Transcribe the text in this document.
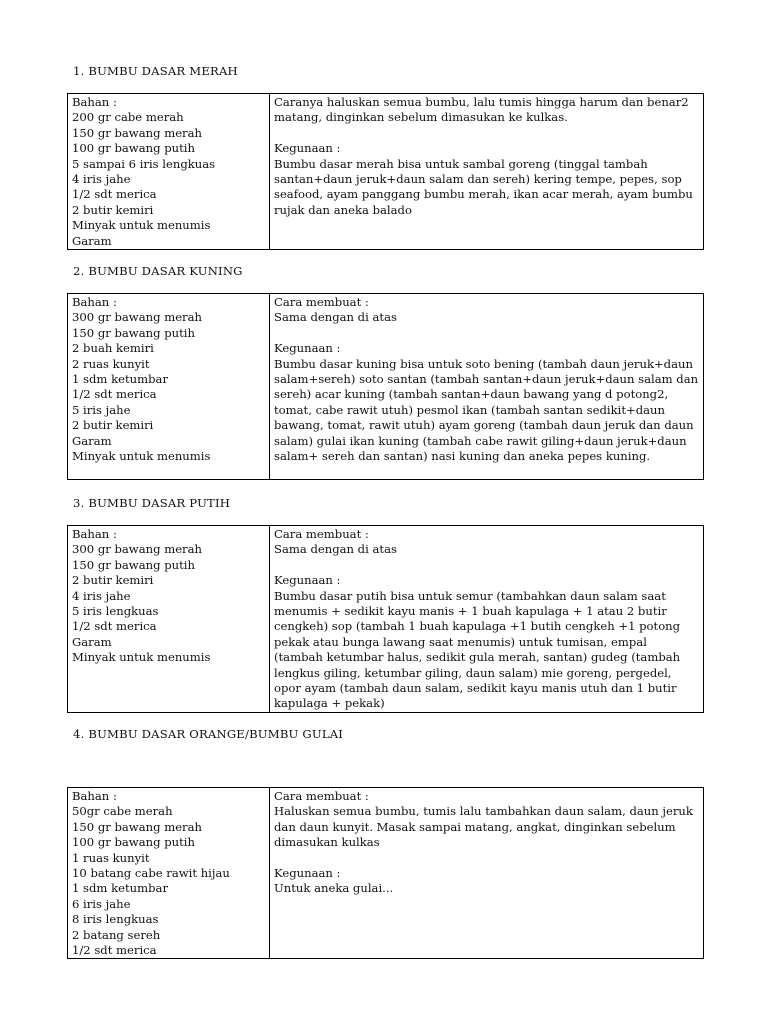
1. BUMBU DASAR MERAH
Bahan :
200 gr cabe merah
150 gr bawang merah
100 gr bawang putih
5 sampai 6 iris lengkuas
4 iris jahe
1/2 sdt merica
2 butir kemiri
Minyak untuk menumis
Garam

Caranya haluskan semua bumbu, lalu tumis hingga harum dan benar2 matang, dinginkan sebelum dimasukan ke kulkas.
Kegunaan :
Bumbu dasar merah bisa untuk sambal goreng (tinggal tambah santan+daun jeruk+daun salam dan sereh) kering tempe, pepes, sop seafood, ayam panggang bumbu merah, ikan acar merah, ayam bumbu rujak dan aneka balado
2. BUMBU DASAR KUNING
Bahan :
300 gr bawang merah
150 gr bawang putih
2 buah kemiri
2 ruas kunyit
1 sdm ketumbar
1/2 sdt merica
5 iris jahe
2 butir kemiri
Garam
Minyak untuk menumis

Cara membuat :
Sama dengan di atas
Kegunaan :
Bumbu dasar kuning bisa untuk soto bening (tambah daun jeruk+daun salam+sereh) soto santan (tambah santan+daun jeruk+daun salam dan sereh) acar kuning (tambah santan+daun bawang yang d potong2, tomat, cabe rawit utuh) pesmol ikan (tambah santan sedikit+daun bawang, tomat, rawit utuh) ayam goreng (tambah daun jeruk dan daun salam) gulai ikan kuning (tambah cabe rawit giling+daun jeruk+daun salam+ sereh dan santan) nasi kuning dan aneka pepes kuning.
3. BUMBU DASAR PUTIH
Bahan :
300 gr bawang merah
150 gr bawang putih
2 butir kemiri
4 iris jahe
5 iris lengkuas
1/2 sdt merica
Garam
Minyak untuk menumis

Cara membuat :
Sama dengan di atas
Kegunaan :
Bumbu dasar putih bisa untuk semur (tambahkan daun salam saat menumis + sedikit kayu manis + 1 buah kapulaga + 1 atau 2 butir cengkeh) sop (tambah 1 buah kapulaga +1 butih cengkeh +1 potong pekak atau bunga lawang saat menumis) untuk tumisan, empal (tambah ketumbar halus, sedikit gula merah, santan) gudeg (tambah lengkus giling, ketumbar giling, daun salam) mie goreng, pergedel, opor ayam (tambah daun salam, sedikit kayu manis utuh dan 1 butir kapulaga + pekak)
4. BUMBU DASAR ORANGE/BUMBU GULAI
Bahan :
50gr cabe merah
150 gr bawang merah
100 gr bawang putih
1 ruas kunyit
10 batang cabe rawit hijau
1 sdm ketumbar
6 iris jahe
8 iris lengkuas
2 batang sereh
1/2 sdt merica

Cara membuat :
Haluskan semua bumbu, tumis lalu tambahkan daun salam, daun jeruk dan daun kunyit. Masak sampai matang, angkat, dinginkan sebelum dimasukan kulkas
Kegunaan :
Untuk aneka gulai...
